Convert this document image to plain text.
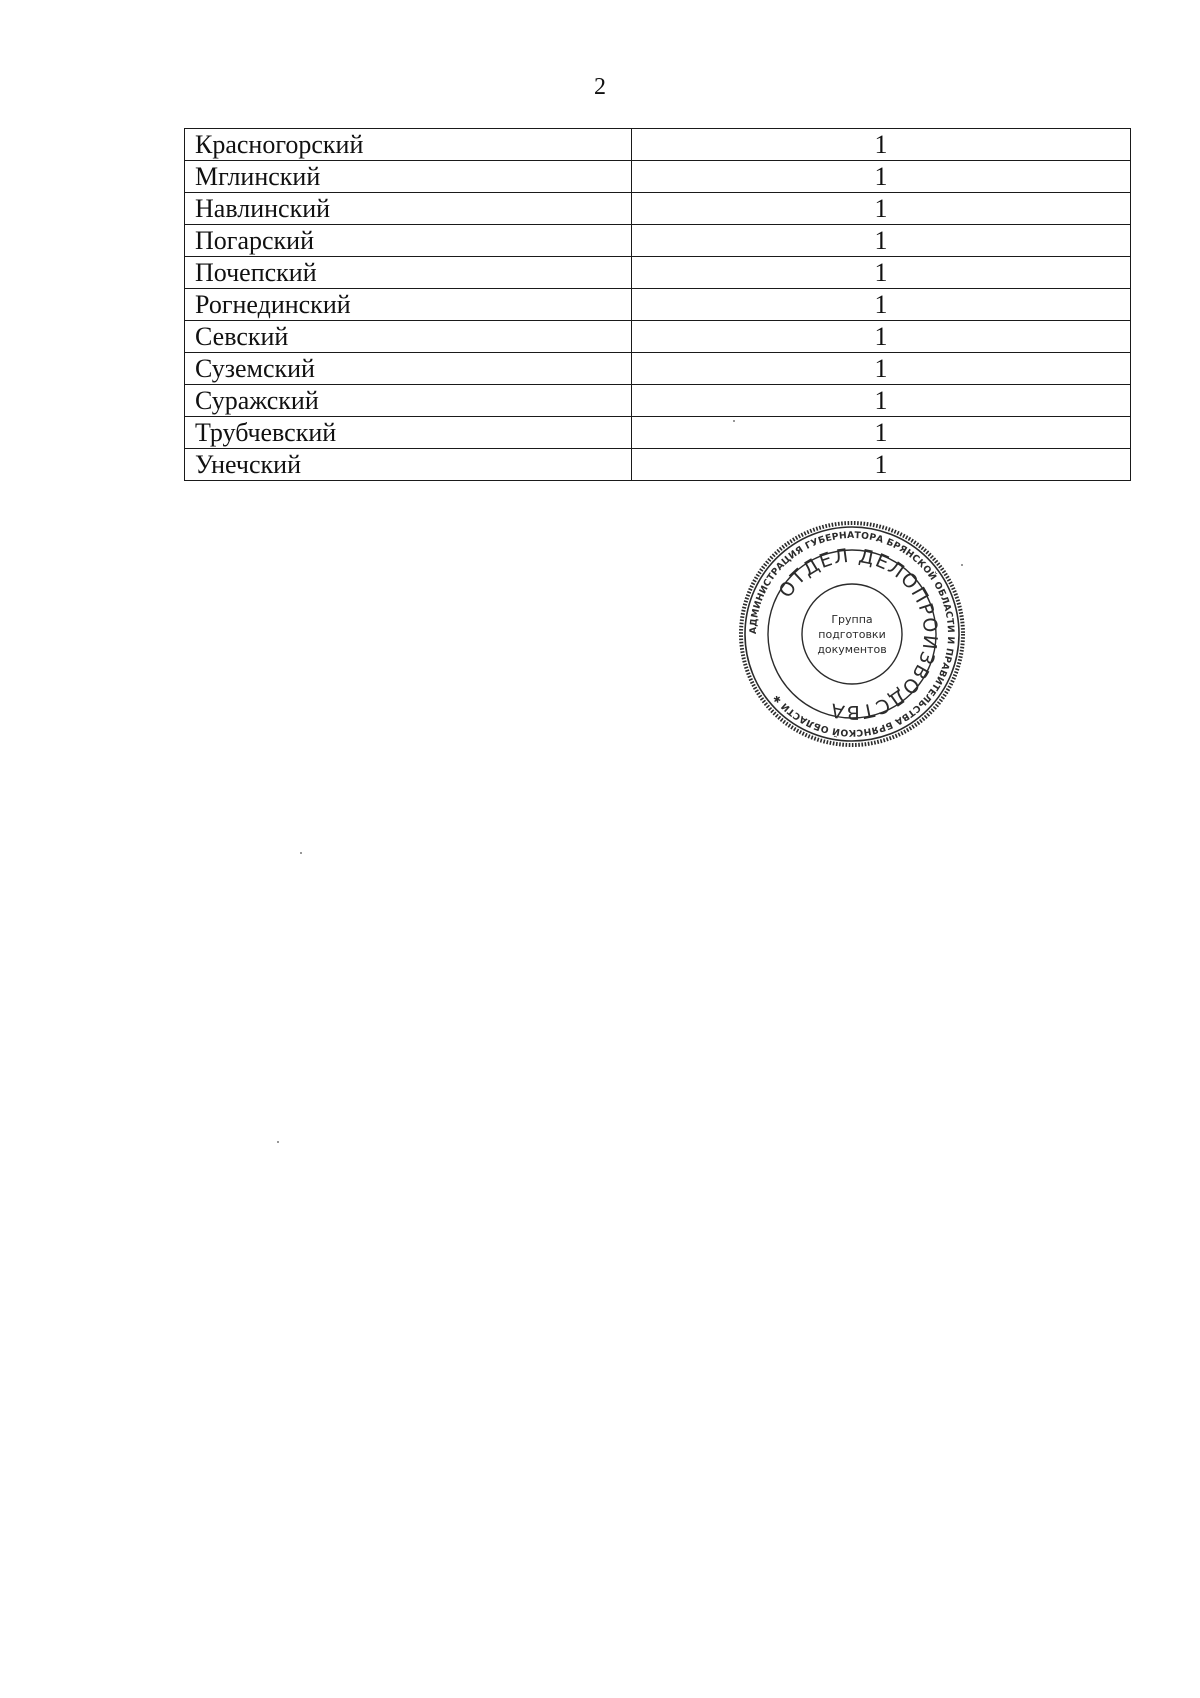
2
Красногорский	1
Мглинский	1
Навлинский	1
Погарский	1
Почепский	1
Рогнединский	1
Севский	1
Суземский	1
Суражский	1
Трубчевский	1
Унечский	1
АДМИНИСТРАЦИЯ ГУБЕРНАТОРА БРЯНСКОЙ ОБЛАСТИ И ПРАВИТЕЛЬСТВА БРЯНСКОЙ ОБЛАСТИ ✱
ОТДЕЛ ДЕЛОПРОИЗВОДСТВА
Группа
подготовки
документов
